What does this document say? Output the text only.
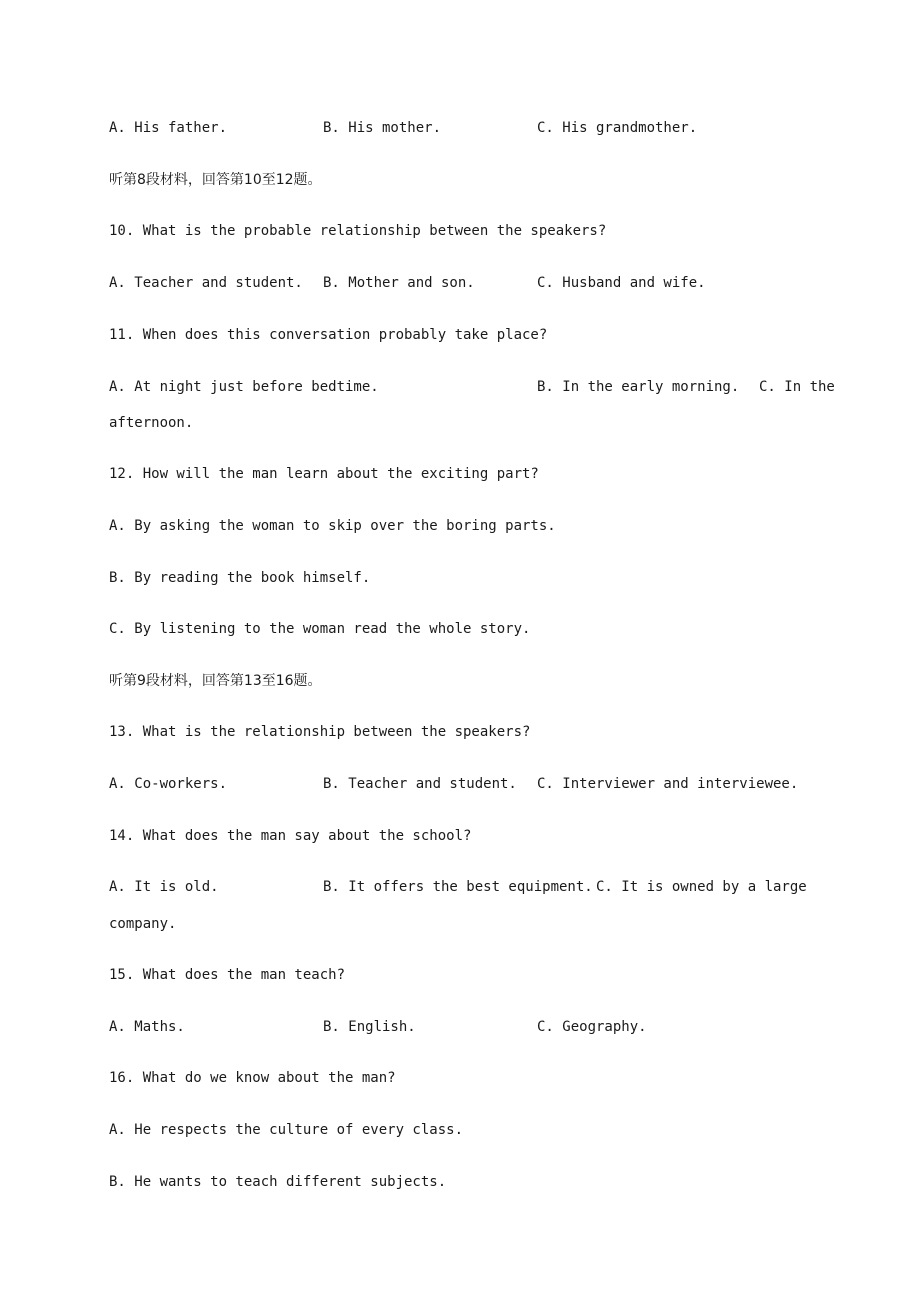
A. His father.	B. His mother.	C. His grandmother.
听第8段材料，回答第10至12题。
10. What is the probable relationship between the speakers?
A. Teacher and student. B. Mother and son.	C. Husband and wife.
11. When does this conversation probably take place?
A. At night just before bedtime.	B. In the early morning. C. In the
afternoon.
12. How will the man learn about the exciting part?
A. By asking the woman to skip over the boring parts.
B. By reading the book himself.
C. By listening to the woman read the whole story.
听第9段材料，回答第13至16题。
13. What is the relationship between the speakers?
A. Co-workers.	B. Teacher and student. C. Interviewer and interviewee.
14. What does the man say about the school?
A. It is old.	B. It offers the best equipment. C. It is owned by a large
company.
15. What does the man teach?
A. Maths.	B. English.	C. Geography.
16. What do we know about the man?
A. He respects the culture of every class.
B. He wants to teach different subjects.
